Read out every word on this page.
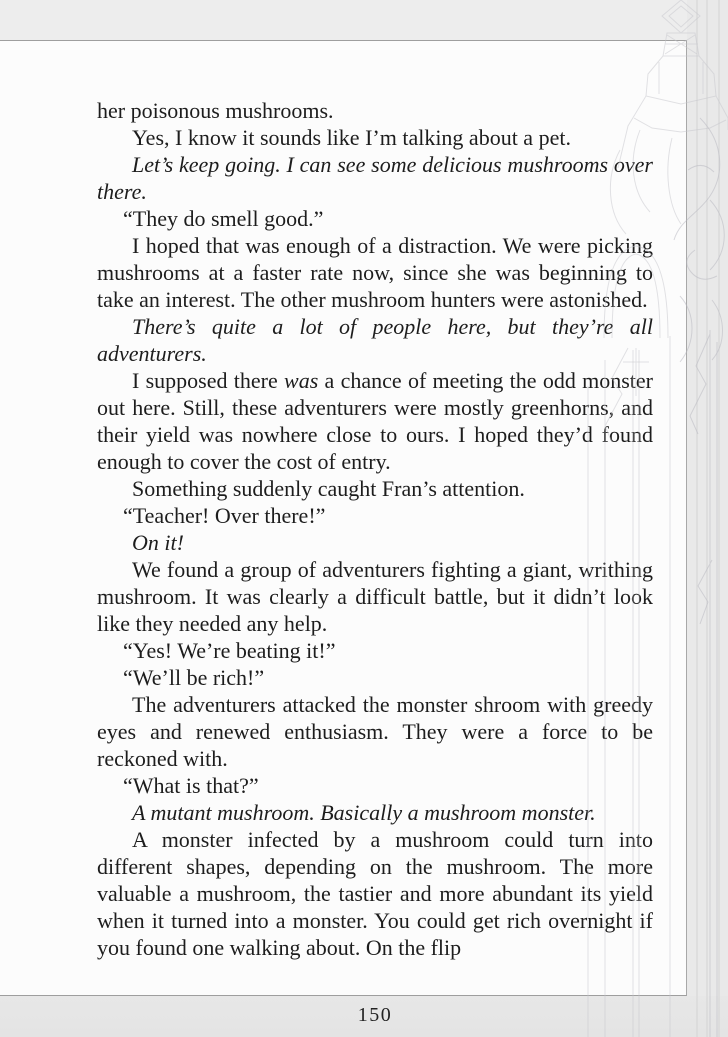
her poisonous mushrooms.

Yes, I know it sounds like I’m talking about a pet.

Let’s keep going. I can see some delicious mushrooms over there.

“They do smell good.”

I hoped that was enough of a distraction. We were picking mushrooms at a faster rate now, since she was beginning to take an interest. The other mushroom hunters were astonished.

There’s quite a lot of people here, but they’re all adventurers.

I supposed there was a chance of meeting the odd monster out here. Still, these adventurers were mostly greenhorns, and their yield was nowhere close to ours. I hoped they’d found enough to cover the cost of entry.

Something suddenly caught Fran’s attention.

“Teacher! Over there!”

On it!

We found a group of adventurers fighting a giant, writhing mushroom. It was clearly a difficult battle, but it didn’t look like they needed any help.

“Yes! We’re beating it!”

“We’ll be rich!”

The adventurers attacked the monster shroom with greedy eyes and renewed enthusiasm. They were a force to be reckoned with.

“What is that?”

A mutant mushroom. Basically a mushroom monster.

A monster infected by a mushroom could turn into different shapes, depending on the mushroom. The more valuable a mushroom, the tastier and more abundant its yield when it turned into a monster. You could get rich overnight if you found one walking about. On the flip

150
